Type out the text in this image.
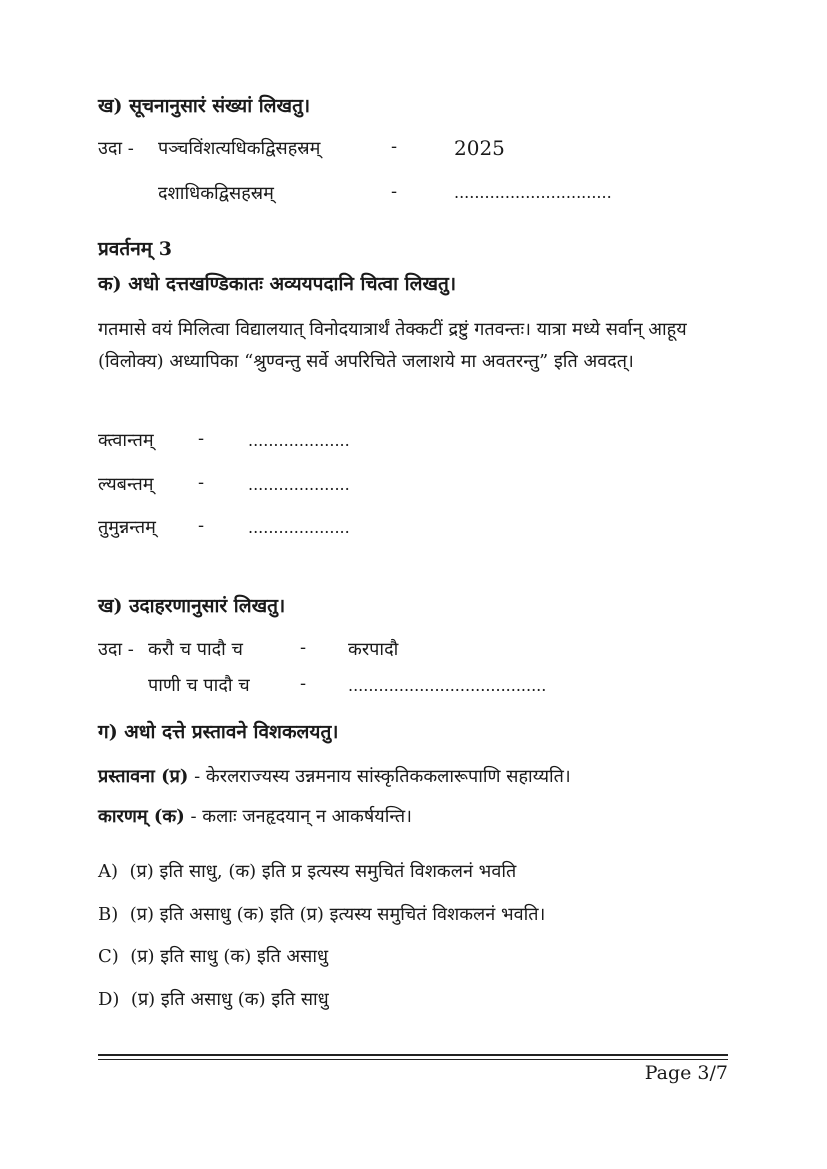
ख) सूचनानुसारं संख्यां लिखतु।
उदा - पञ्चविंशत्यधिकद्विसहस्रम्	-	2025
दशाधिकद्विसहस्रम्	-	...............................
प्रवर्तनम् 3
क) अधो दत्तखण्डिकातः अव्ययपदानि चित्वा लिखतु।
गतमासे वयं मिलित्वा विद्यालयात् विनोदयात्रार्थं तेक्कटीं द्रष्टुं गतवन्तः। यात्रा मध्ये सर्वान् आहूय (विलोक्य) अध्यापिका “श्रुण्वन्तु सर्वे अपरिचिते जलाशये मा अवतरन्तु” इति अवदत्।
क्त्वान्तम् -	....................
ल्यबन्तम् -	....................
तुमुन्नन्तम् -	....................
ख) उदाहरणानुसारं लिखतु।
उदा - करौ च पादौ च	- करपादौ
पाणी च पादौ च	-	.......................................
ग) अधो दत्ते प्रस्तावने विशकलयतु।
प्रस्तावना (प्र) - केरलराज्यस्य उन्नमनाय सांस्कृतिककलारूपाणि सहाय्यति।
कारणम् (क) - कलाः जनहृदयान् न आकर्षयन्ति।
A) (प्र) इति साधु, (क) इति प्र इत्यस्य समुचितं विशकलनं भवति
B) (प्र) इति असाधु (क) इति (प्र) इत्यस्य समुचितं विशकलनं भवति।
C) (प्र) इति साधु (क) इति असाधु
D) (प्र) इति असाधु (क) इति साधु
Page 3/7
